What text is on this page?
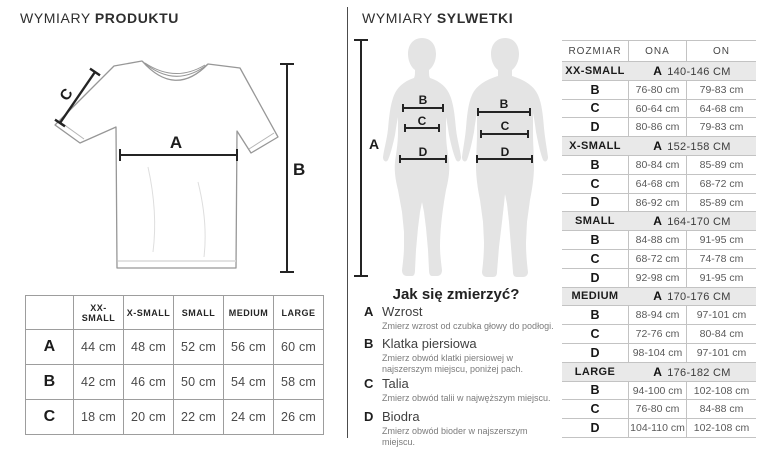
WYMIARY PRODUKTU
A
B
C
	XX-SMALL	X-SMALL	SMALL	MEDIUM	LARGE
A	44 cm	48 cm	52 cm	56 cm	60 cm
B	42 cm	46 cm	50 cm	54 cm	58 cm
C	18 cm	20 cm	22 cm	24 cm	26 cm
WYMIARY SYLWETKI
A
B
C
D
B
C
D
Jak się zmierzyć?
A Wzrost
Zmierz wzrost od czubka głowy do podłogi.
B Klatka piersiowa
Zmierz obwód klatki piersiowej w najszerszym miejscu, poniżej pach.
C Talia
Zmierz obwód talii w najwęższym miejscu.
D Biodra
Zmierz obwód bioder w najszerszym miejscu.
ROZMIAR	ONA	ON
XX-SMALL	A 140-146 CM
B	76-80 cm	79-83 cm
C	60-64 cm	64-68 cm
D	80-86 cm	79-83 cm
X-SMALL	A 152-158 CM
B	80-84 cm	85-89 cm
C	64-68 cm	68-72 cm
D	86-92 cm	85-89 cm
SMALL	A 164-170 CM
B	84-88 cm	91-95 cm
C	68-72 cm	74-78 cm
D	92-98 cm	91-95 cm
MEDIUM	A 170-176 CM
B	88-94 cm	97-101 cm
C	72-76 cm	80-84 cm
D	98-104 cm	97-101 cm
LARGE	A 176-182 CM
B	94-100 cm	102-108 cm
C	76-80 cm	84-88 cm
D	104-110 cm 102-108 cm
